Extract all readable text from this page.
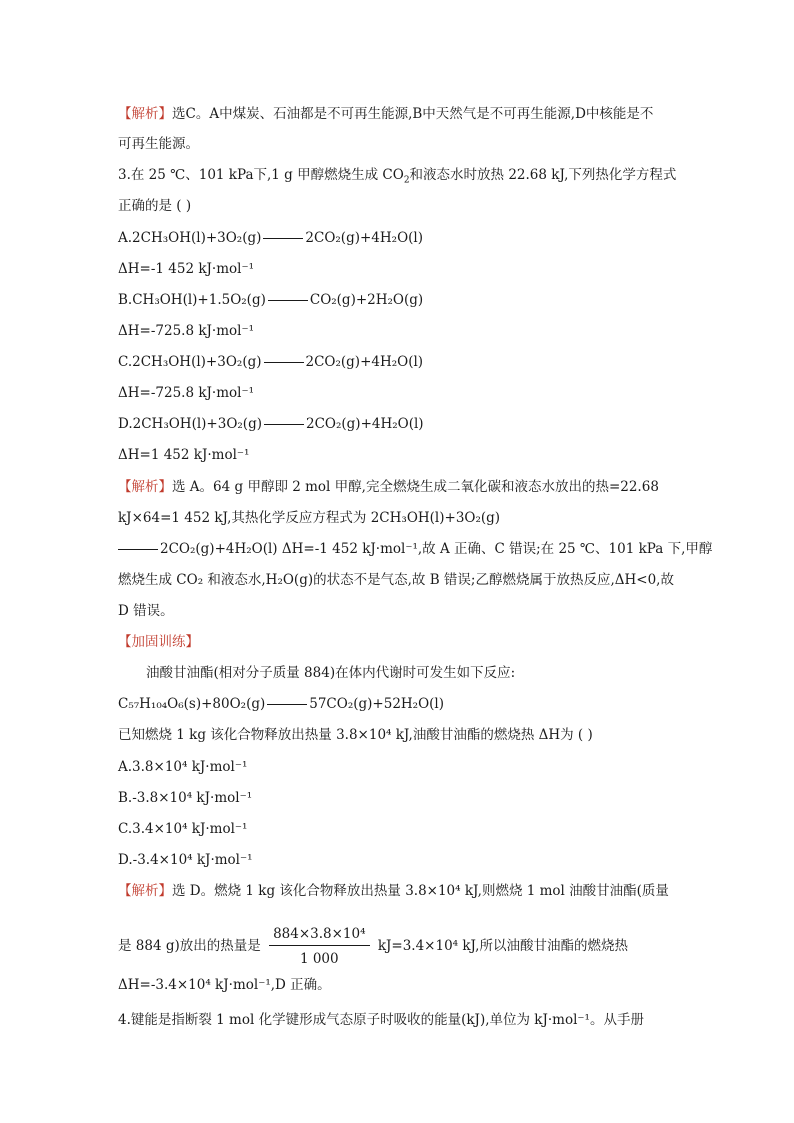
【解析】选C。A中煤炭、石油都是不可再生能源,B中天然气是不可再生能源,D中核能是不
可再生能源。
3.在 25 ℃、101 kPa下,1 g 甲醇燃烧生成 $CO_2$和液态水时放热 22.68 kJ,下列热化学方程式
正确的是 ( )
A.2CH₃OH(l)+3O₂(g)	2CO₂(g)+4H₂O(l)
ΔH=-1 452 kJ·mol⁻¹
B.CH₃OH(l)+1.5O₂(g)	CO₂(g)+2H₂O(g)
ΔH=-725.8 kJ·mol⁻¹
C.2CH₃OH(l)+3O₂(g)	2CO₂(g)+4H₂O(l)
ΔH=-725.8 kJ·mol⁻¹
D.2CH₃OH(l)+3O₂(g)	2CO₂(g)+4H₂O(l)
ΔH=1 452 kJ·mol⁻¹
【解析】选 A。64 g 甲醇即 2 mol 甲醇,完全燃烧生成二氧化碳和液态水放出的热=22.68
kJ×64=1 452 kJ,其热化学反应方程式为 2CH₃OH(l)+3O₂(g)
2CO₂(g)+4H₂O(l) ΔH=-1 452 kJ·mol⁻¹,故 A 正确、C 错误;在 25 ℃、101 kPa 下,甲醇
燃烧生成 CO₂ 和液态水,H₂O(g)的状态不是气态,故 B 错误;乙醇燃烧属于放热反应,ΔH<0,故
D 错误。
【加固训练】
油酸甘油酯(相对分子质量 884)在体内代谢时可发生如下反应:
C₅₇H₁₀₄O₆(s)+80O₂(g)	57CO₂(g)+52H₂O(l)
已知燃烧 1 kg 该化合物释放出热量 3.8×10⁴ kJ,油酸甘油酯的燃烧热 ΔH为 ( )
A.3.8×10⁴ kJ·mol⁻¹
B.-3.8×10⁴ kJ·mol⁻¹
C.3.4×10⁴ kJ·mol⁻¹
D.-3.4×10⁴ kJ·mol⁻¹
【解析】选 D。燃烧 1 kg 该化合物释放出热量 3.8×10⁴ kJ,则燃烧 1 mol 油酸甘油酯(质量
是 884 g)放出的热量是 $\frac{\text{884×3.8×10⁴}}{1 000} kJ=3.4\times 10^4$ kJ,所以油酸甘油酯的燃烧热
ΔH=-3.4×10⁴ kJ·mol⁻¹,D 正确。
4.键能是指断裂 1 mol 化学键形成气态原子时吸收的能量(kJ),单位为 kJ·mol⁻¹。从手册
